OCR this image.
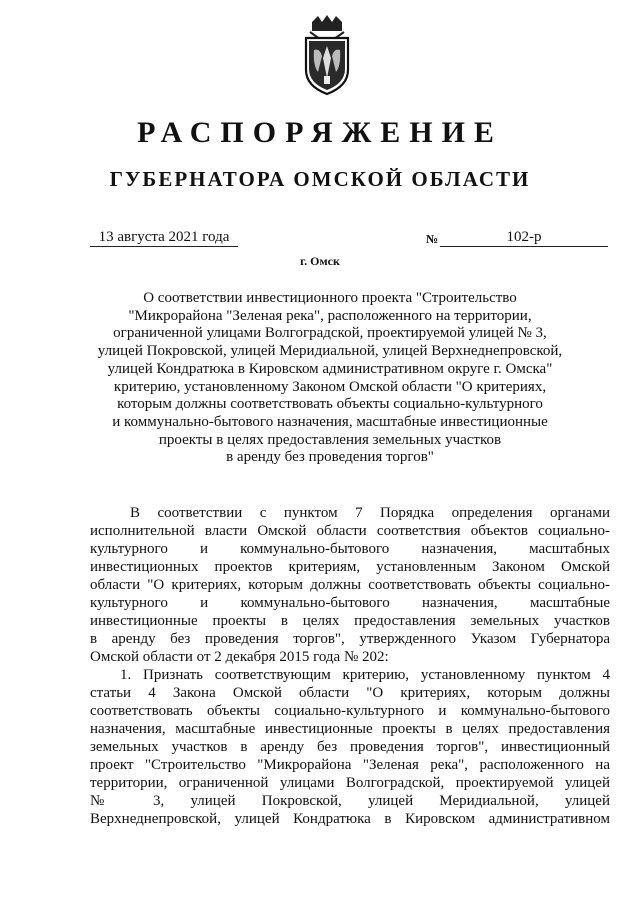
РАСПОРЯЖЕНИЕ
ГУБЕРНАТОРА ОМСКОЙ ОБЛАСТИ
13 августа 2021 года	№	102-р
г. Омск
О соответствии инвестиционного проекта "Строительство
"Микрорайона "Зеленая река", расположенного на территории,
ограниченной улицами Волгоградской, проектируемой улицей № 3,
улицей Покровской, улицей Меридиальной, улицей Верхнеднепровской,
улицей Кондратюка в Кировском административном округе г. Омска"
критерию, установленному Законом Омской области "О критериях,
которым должны соответствовать объекты социально-культурного
и коммунально-бытового назначения, масштабные инвестиционные
проекты в целях предоставления земельных участков
в аренду без проведения торгов"
В соответствии с пунктом 7 Порядка определения органами
исполнительной власти Омской области соответствия объектов социально-
культурного и коммунально-бытового назначения, масштабных
инвестиционных проектов критериям, установленным Законом Омской
области "О критериях, которым должны соответствовать объекты социально-
культурного и коммунально-бытового назначения, масштабные
инвестиционные проекты в целях предоставления земельных участков
в аренду без проведения торгов", утвержденного Указом Губернатора
Омской области от 2 декабря 2015 года № 202:
1. Признать соответствующим критерию, установленному пунктом 4
статьи 4 Закона Омской области "О критериях, которым должны
соответствовать объекты социально-культурного и коммунально-бытового
назначения, масштабные инвестиционные проекты в целях предоставления
земельных участков в аренду без проведения торгов", инвестиционный
проект "Строительство "Микрорайона "Зеленая река", расположенного на
территории, ограниченной улицами Волгоградской, проектируемой улицей
№ 3, улицей Покровской, улицей Меридиальной, улицей
Верхнеднепровской, улицей Кондратюка в Кировском административном
